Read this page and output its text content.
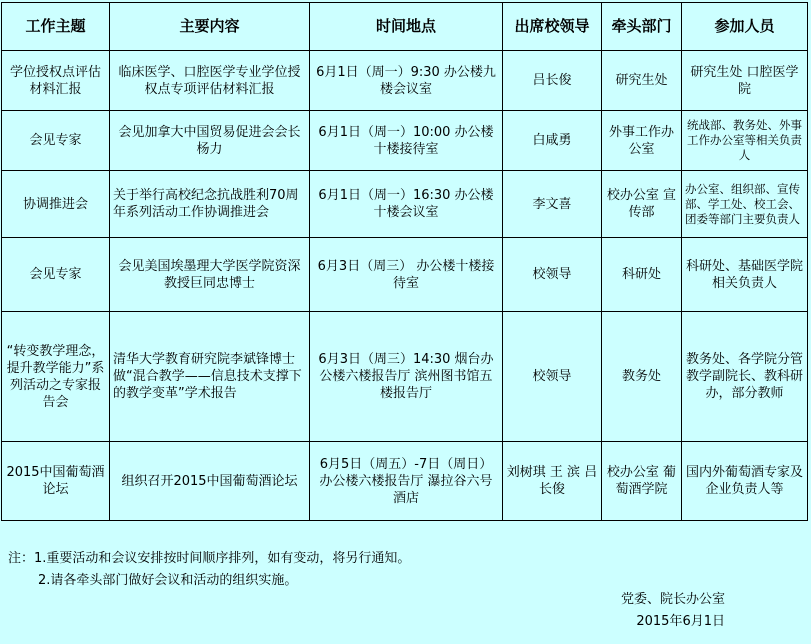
工作主题	主要内容	时间地点	出席校领导	牵头部门	参加人员
学位授权点评估材料汇报	临床医学、口腔医学专业学位授权点专项评估材料汇报	6月1日（周一）9:30 办公楼九楼会议室	吕长俊	研究生处	研究生处 口腔医学院
会见专家	会见加拿大中国贸易促进会会长杨力	6月1日（周一）10:00 办公楼十楼接待室	白咸勇	外事工作办公室	统战部、教务处、外事工作办公室等相关负责人
协调推进会	关于举行高校纪念抗战胜利70周年系列活动工作协调推进会	6月1日（周一）16:30 办公楼十楼会议室	李文喜	校办公室 宣传部	办公室、组织部、宣传部、学工处、校工会、团委等部门主要负责人
会见专家	会见美国埃墨理大学医学院资深教授巨同忠博士	6月3日（周三） 办公楼十楼接待室	校领导	科研处	科研处、基础医学院相关负责人
“转变教学理念，提升教学能力”系列活动之专家报告会	清华大学教育研究院李斌锋博士做“混合教学——信息技术支撑下的教学变革”学术报告	6月3日（周三）14:30 烟台办公楼六楼报告厅 滨州图书馆五楼报告厅	校领导	教务处	教务处、各学院分管教学副院长、教科研办，部分教师
2015中国葡萄酒论坛	组织召开2015中国葡萄酒论坛	6月5日（周五）-7日（周日） 办公楼六楼报告厅 瀑拉谷六号酒店	刘树琪 王 滨 吕长俊	校办公室 葡萄酒学院	国内外葡萄酒专家及企业负责人等
注：1.重要活动和会议安排按时间顺序排列，如有变动，将另行通知。
2.请各牵头部门做好会议和活动的组织实施。
党委、院长办公室
2015年6月1日
